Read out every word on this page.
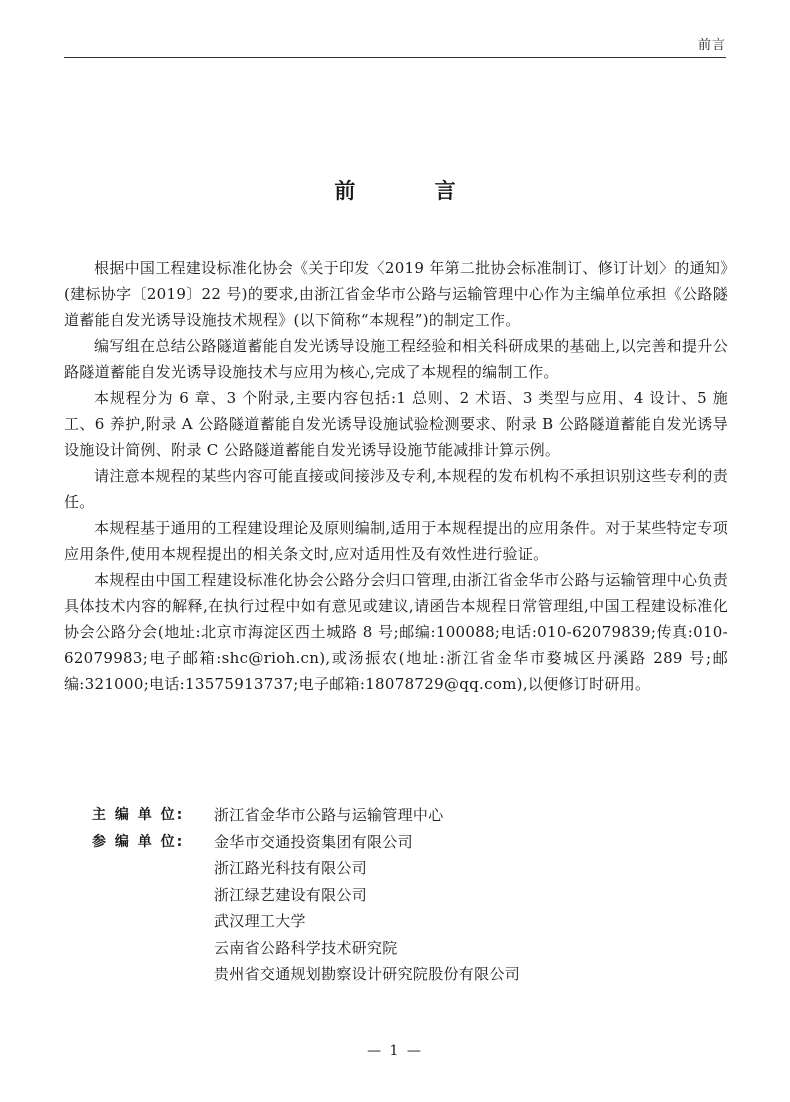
前言
前 言

根据中国工程建设标准化协会《关于印发〈2019 年第二批协会标准制订、修订计划〉的通知》(建标协字〔2019〕22 号)的要求,由浙江省金华市公路与运输管理中心作为主编单位承担《公路隧道蓄能自发光诱导设施技术规程》(以下简称“本规程”)的制定工作。

编写组在总结公路隧道蓄能自发光诱导设施工程经验和相关科研成果的基础上,以完善和提升公路隧道蓄能自发光诱导设施技术与应用为核心,完成了本规程的编制工作。

本规程分为 6 章、3 个附录,主要内容包括:1 总则、2 术语、3 类型与应用、4 设计、5 施工、6 养护,附录 A 公路隧道蓄能自发光诱导设施试验检测要求、附录 B 公路隧道蓄能自发光诱导设施设计简例、附录 C 公路隧道蓄能自发光诱导设施节能减排计算示例。

请注意本规程的某些内容可能直接或间接涉及专利,本规程的发布机构不承担识别这些专利的责任。

本规程基于通用的工程建设理论及原则编制,适用于本规程提出的应用条件。对于某些特定专项应用条件,使用本规程提出的相关条文时,应对适用性及有效性进行验证。

本规程由中国工程建设标准化协会公路分会归口管理,由浙江省金华市公路与运输管理中心负责具体技术内容的解释,在执行过程中如有意见或建议,请函告本规程日常管理组,中国工程建设标准化协会公路分会(地址:北京市海淀区西土城路 8 号;邮编:100088;电话:010-62079839;传真:010-62079983;电子邮箱:shc@rioh.cn),或汤振农(地址:浙江省金华市婺城区丹溪路 289 号;邮编:321000;电话:13575913737;电子邮箱:18078729@qq.com),以便修订时研用。

主 编 单 位:	浙江省金华市公路与运输管理中心
参 编 单 位:	金华市交通投资集团有限公司
浙江路光科技有限公司
浙江绿艺建设有限公司
武汉理工大学
云南省公路科学技术研究院
贵州省交通规划勘察设计研究院股份有限公司
— 1 —
